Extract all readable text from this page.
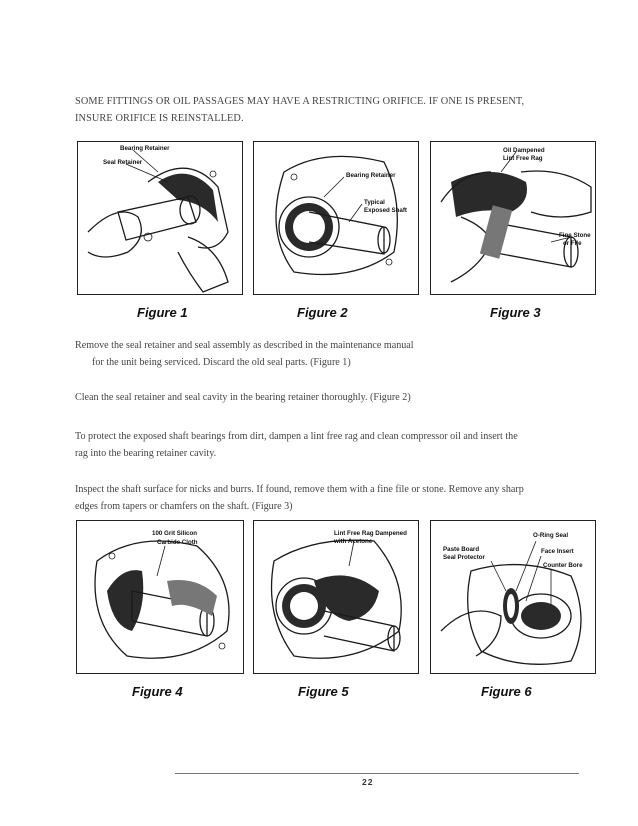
SOME FITTINGS OR OIL PASSAGES MAY HAVE A RESTRICTING ORIFICE. IF ONE IS PRESENT,
INSURE ORIFICE IS REINSTALLED.
Bearing Retainer
Seal Retainer
Bearing Retainer
Typical
Exposed Shaft
Oil Dampened
Lint Free Rag
Fine Stone
or File
Figure 1	Figure 2	Figure 3
Remove the seal retainer and seal assembly as described in the maintenance manual
for the unit being serviced. Discard the old seal parts. (Figure 1)
Clean the seal retainer and seal cavity in the bearing retainer thoroughly. (Figure 2)
To protect the exposed shaft bearings from dirt, dampen a lint free rag and clean compressor oil and insert the
rag into the bearing retainer cavity.
Inspect the shaft surface for nicks and burrs. If found, remove them with a fine file or stone. Remove any sharp
edges from tapers or chamfers on the shaft. (Figure 3)
100 Grit Silicon
Carbide Cloth
Lint Free Rag Dampened
with Acetone
O-Ring Seal
Paste Board
Seal Protector
Face Insert
Counter Bore
Figure 4	Figure 5	Figure 6
22
